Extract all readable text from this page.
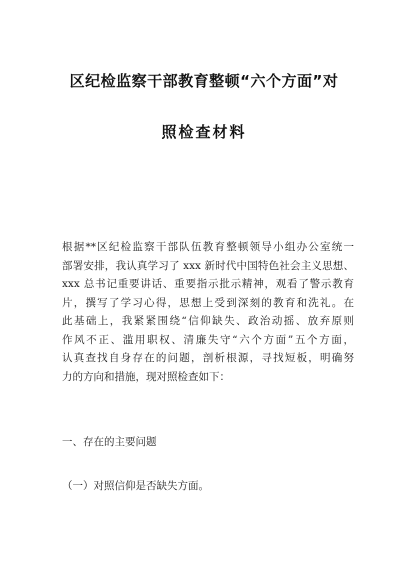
区纪检监察干部教育整顿“六个方面”对
照检查材料
根据**区纪检监察干部队伍教育整顿领导小组办公室统一
部署安排，我认真学习了 xxx 新时代中国特色社会主义思想、
xxx 总书记重要讲话、重要指示批示精神，观看了警示教育
片，撰写了学习心得，思想上受到深刻的教育和洗礼。在
此基础上，我紧紧围绕“信仰缺失、政治动摇、放弃原则
作风不正、滥用职权、清廉失守“六个方面”五个方面，
认真查找自身存在的问题，剖析根源，寻找短板，明确努
力的方向和措施，现对照检查如下：
一、存在的主要问题
（一）对照信仰是否缺失方面。
